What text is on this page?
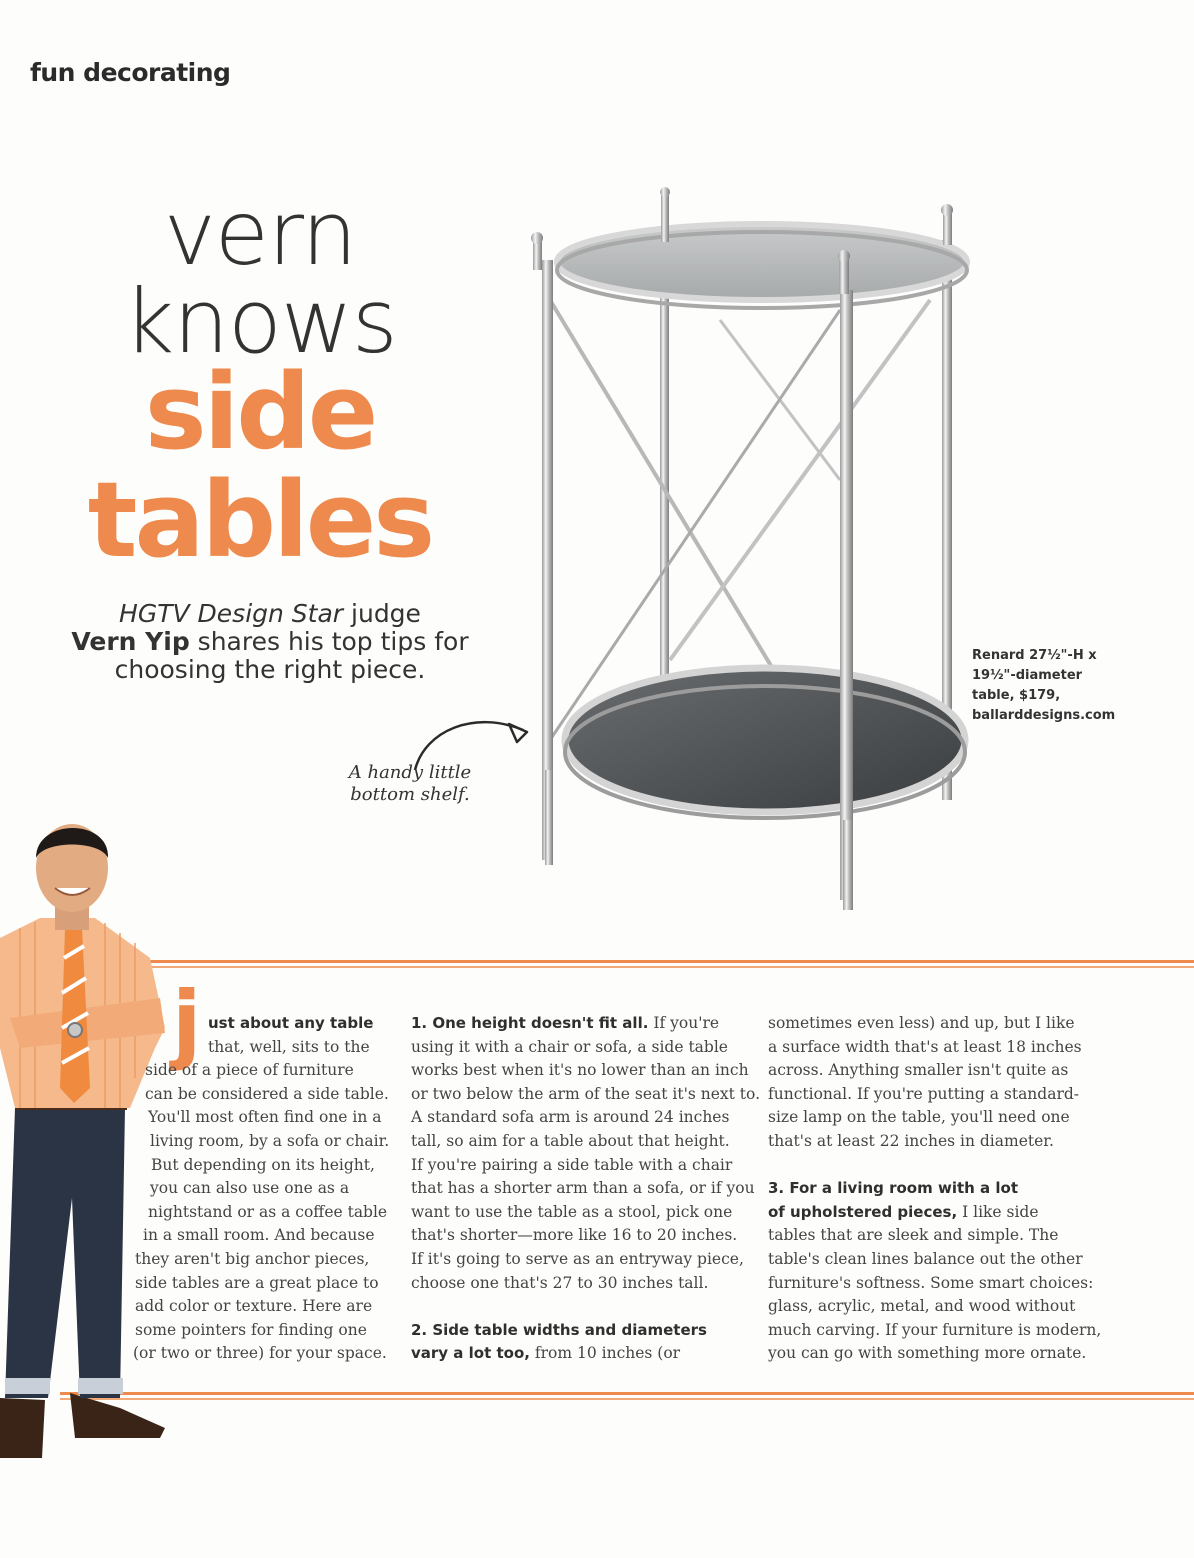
fun decorating
vern
knows
side
tables
HGTV Design Star judge
Vern Yip shares his top tips for
choosing the right piece.	Renard 27½"-H x
19½"-diameter
table, $179,
ballarddesigns.com
A handy little
bottom shelf.
j ust about any table
that, well, sits to the
side of a piece of furniture
can be considered a side table.
You'll most often find one in a
living room, by a sofa or chair.
But depending on its height,
you can also use one as a
nightstand or as a coffee table
in a small room. And because
they aren't big anchor pieces,
side tables are a great place to
add color or texture. Here are
some pointers for finding one
(or two or three) for your space.

1. One height doesn't fit all. If you're
using it with a chair or sofa, a side table
works best when it's no lower than an inch
or two below the arm of the seat it's next to.
A standard sofa arm is around 24 inches
tall, so aim for a table about that height.
If you're pairing a side table with a chair
that has a shorter arm than a sofa, or if you
want to use the table as a stool, pick one
that's shorter—more like 16 to 20 inches.
If it's going to serve as an entryway piece,
choose one that's 27 to 30 inches tall.

2. Side table widths and diameters
vary a lot too, from 10 inches (or

sometimes even less) and up, but I like
a surface width that's at least 18 inches
across. Anything smaller isn't quite as
functional. If you're putting a standard-
size lamp on the table, you'll need one
that's at least 22 inches in diameter.

3. For a living room with a lot
of upholstered pieces, I like side
tables that are sleek and simple. The
table's clean lines balance out the other
furniture's softness. Some smart choices:
glass, acrylic, metal, and wood without
much carving. If your furniture is modern,
you can go with something more ornate.
